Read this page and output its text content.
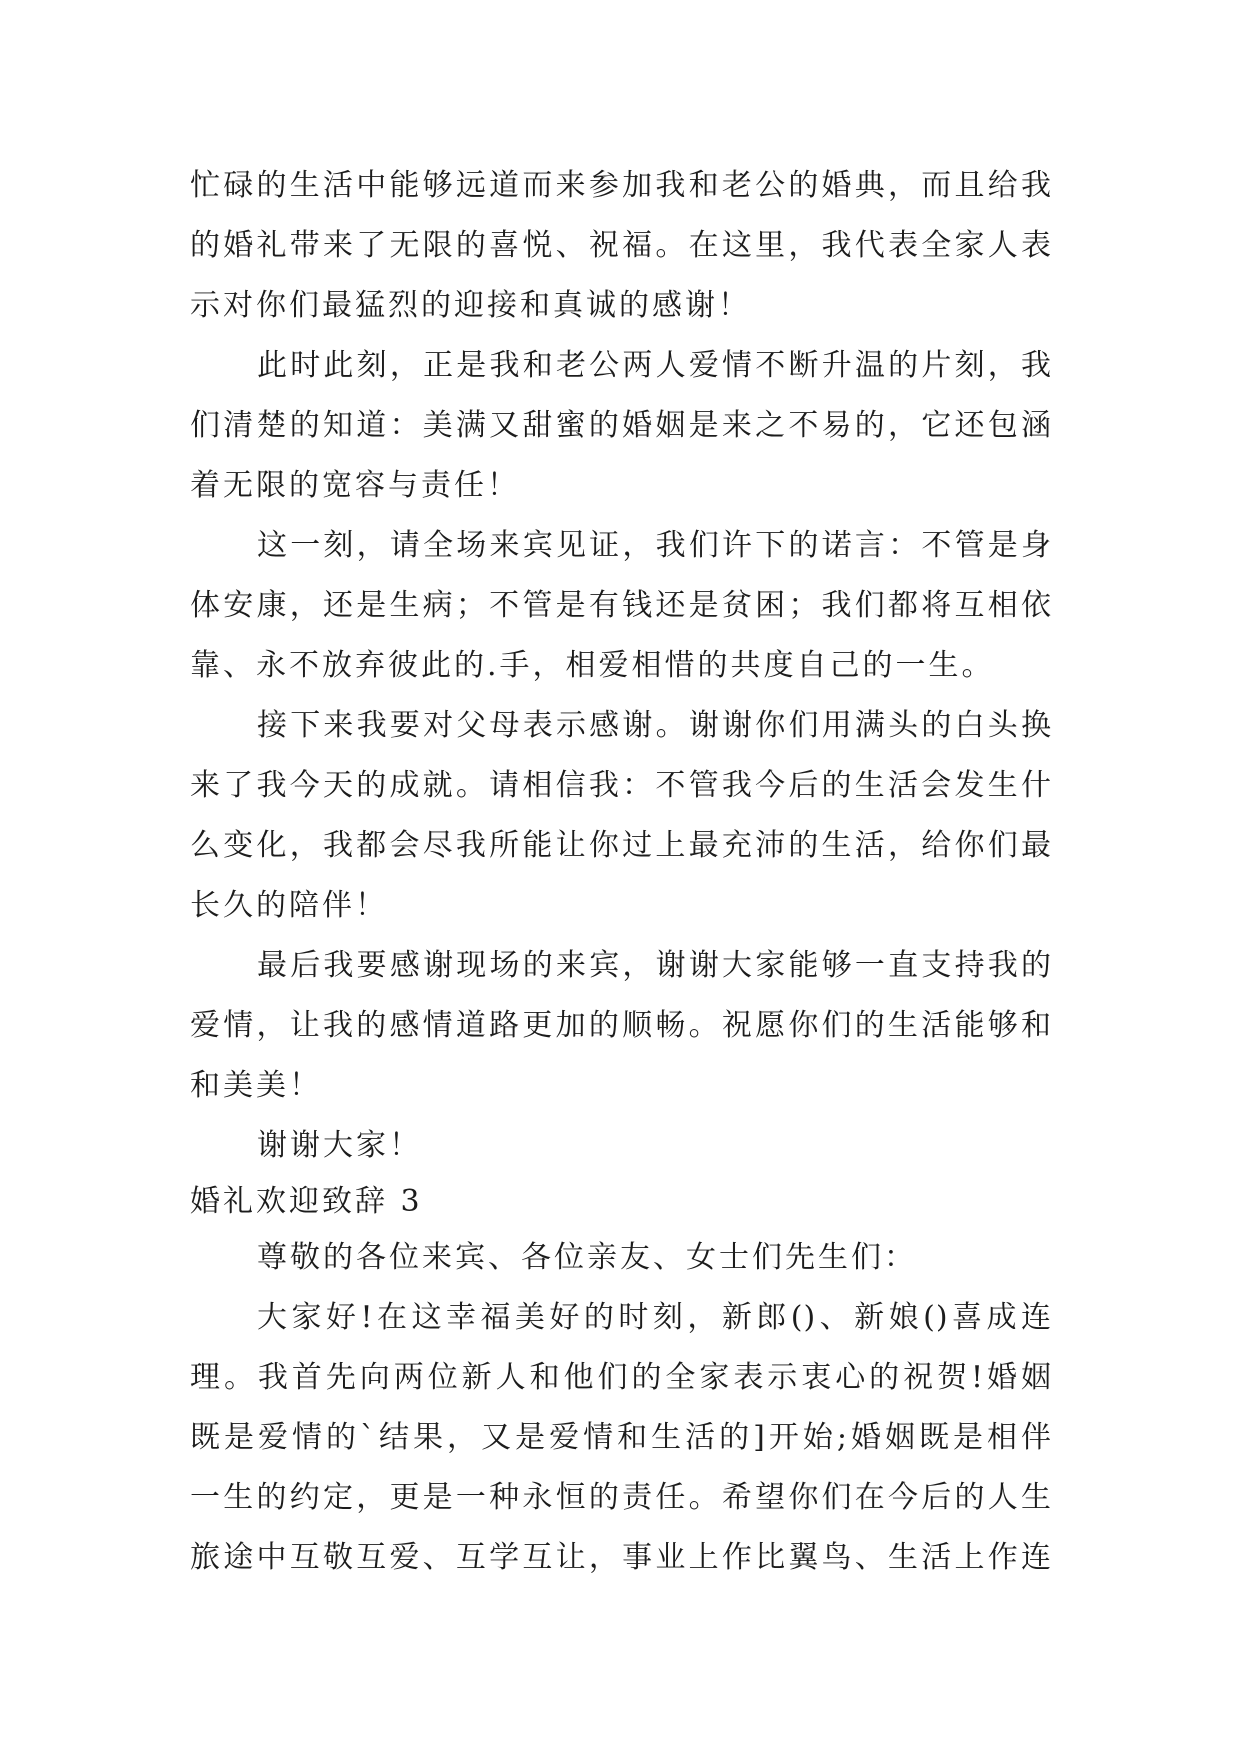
忙碌的生活中能够远道而来参加我和老公的婚典，而且给我
的婚礼带来了无限的喜悦、祝福。在这里，我代表全家人表
示对你们最猛烈的迎接和真诚的感谢！
此时此刻，正是我和老公两人爱情不断升温的片刻，我
们清楚的知道：美满又甜蜜的婚姻是来之不易的，它还包涵
着无限的宽容与责任！
这一刻，请全场来宾见证，我们许下的诺言：不管是身
体安康，还是生病；不管是有钱还是贫困；我们都将互相依
靠、永不放弃彼此的.手，相爱相惜的共度自己的一生。
接下来我要对父母表示感谢。谢谢你们用满头的白头换
来了我今天的成就。请相信我：不管我今后的生活会发生什
么变化，我都会尽我所能让你过上最充沛的生活，给你们最
长久的陪伴！
最后我要感谢现场的来宾，谢谢大家能够一直支持我的
爱情，让我的感情道路更加的顺畅。祝愿你们的生活能够和
和美美！
谢谢大家！
婚礼欢迎致辞 3
尊敬的各位来宾、各位亲友、女士们先生们：
大家好!在这幸福美好的时刻，新郎()、新娘()喜成连
理。我首先向两位新人和他们的全家表示衷心的祝贺!婚姻
既是爱情的`结果，又是爱情和生活的]开始;婚姻既是相伴
一生的约定，更是一种永恒的责任。希望你们在今后的人生
旅途中互敬互爱、互学互让，事业上作比翼鸟、生活上作连
